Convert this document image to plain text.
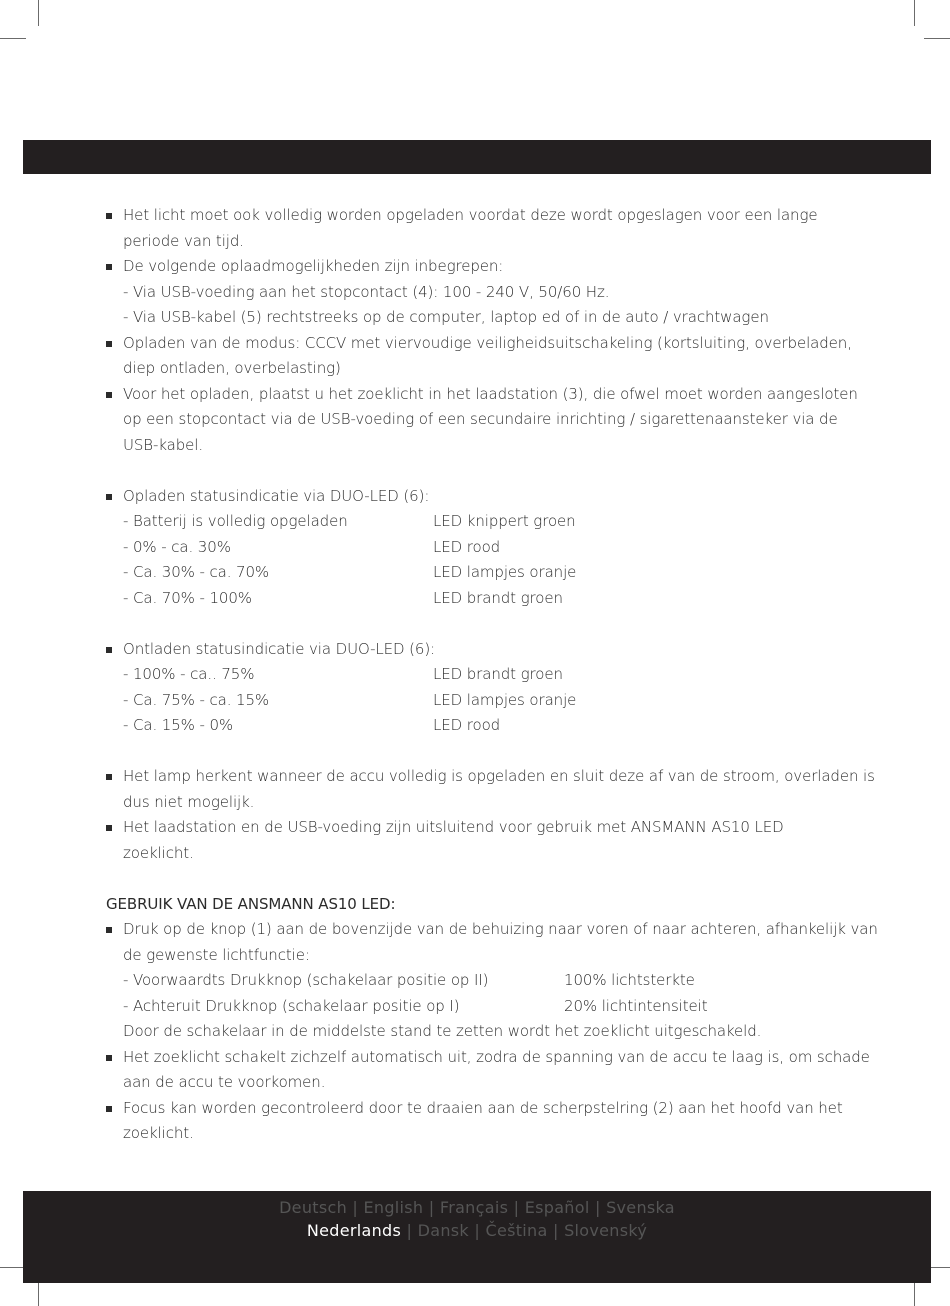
Het licht moet ook volledig worden opgeladen voordat deze wordt opgeslagen voor een lange
periode van tijd.
De volgende oplaadmogelijkheden zijn inbegrepen:
- Via USB-voeding aan het stopcontact (4): 100 - 240 V, 50/60 Hz.
- Via USB-kabel (5) rechtstreeks op de computer, laptop ed of in de auto / vrachtwagen
Opladen van de modus: CCCV met viervoudige veiligheidsuitschakeling (kortsluiting, overbeladen,
diep ontladen, overbelasting)
Voor het opladen, plaatst u het zoeklicht in het laadstation (3), die ofwel moet worden aangesloten
op een stopcontact via de USB-voeding of een secundaire inrichting / sigarettenaansteker via de
USB-kabel.
Opladen statusindicatie via DUO-LED (6):
- Batterij is volledig opgeladen	LED knippert groen
- 0% - ca. 30%	LED rood
- Ca. 30% - ca. 70%	LED lampjes oranje
- Ca. 70% - 100%	LED brandt groen
Ontladen statusindicatie via DUO-LED (6):
- 100% - ca.. 75%	LED brandt groen
- Ca. 75% - ca. 15%	LED lampjes oranje
- Ca. 15% - 0%	LED rood
Het lamp herkent wanneer de accu volledig is opgeladen en sluit deze af van de stroom, overladen is
dus niet mogelijk.
Het laadstation en de USB-voeding zijn uitsluitend voor gebruik met ANSMANN AS10 LED
zoeklicht.
GEBRUIK VAN DE ANSMANN AS10 LED:
Druk op de knop (1) aan de bovenzijde van de behuizing naar voren of naar achteren, afhankelijk van
de gewenste lichtfunctie:
- Voorwaardts Drukknop (schakelaar positie op II)	100% lichtsterkte
- Achteruit Drukknop (schakelaar positie op I)	20% lichtintensiteit
Door de schakelaar in de middelste stand te zetten wordt het zoeklicht uitgeschakeld.
Het zoeklicht schakelt zichzelf automatisch uit, zodra de spanning van de accu te laag is, om schade
aan de accu te voorkomen.
Focus kan worden gecontroleerd door te draaien aan de scherpstelring (2) aan het hoofd van het
zoeklicht.
Deutsch | English | Français | Español | Svenska
Nederlands | Dansk | Čeština | Slovenský
